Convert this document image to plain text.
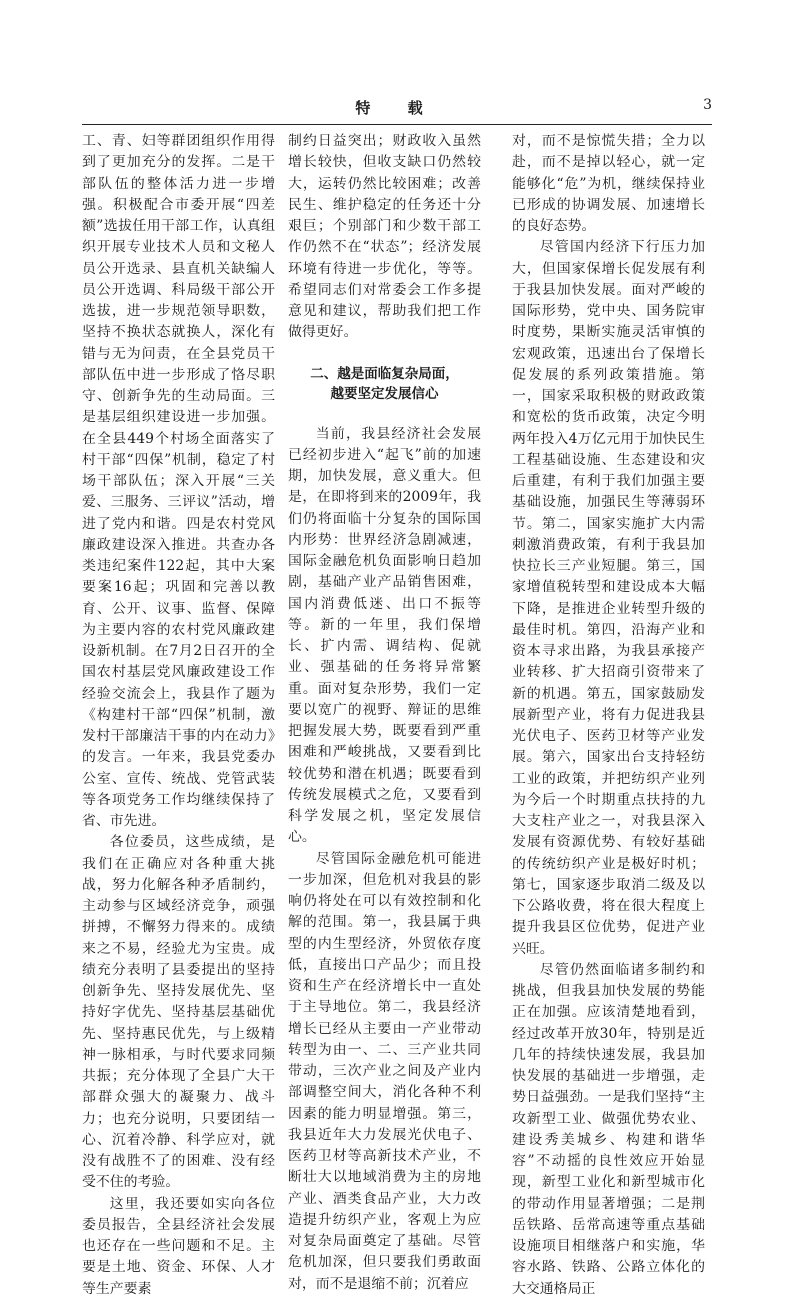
特 载	3

工、青、妇等群团组织作用得到了更加充分的发挥。二是干部队伍的整体活力进一步增强。积极配合市委开展“四差额”选拔任用干部工作，认真组织开展专业技术人员和文秘人员公开选录、县直机关缺编人员公开选调、科局级干部公开选拔，进一步规范领导职数，坚持不换状态就换人，深化有错与无为问责，在全县党员干部队伍中进一步形成了恪尽职守、创新争先的生动局面。三是基层组织建设进一步加强。在全县449个村场全面落实了村干部“四保”机制，稳定了村场干部队伍；深入开展“三关爱、三服务、三评议”活动，增进了党内和谐。四是农村党风廉政建设深入推进。共查办各类违纪案件122起，其中大案要案16起；巩固和完善以教育、公开、议事、监督、保障为主要内容的农村党风廉政建设新机制。在7月2日召开的全国农村基层党风廉政建设工作经验交流会上，我县作了题为《构建村干部“四保”机制，激发村干部廉洁干事的内在动力》的发言。一年来，我县党委办公室、宣传、统战、党管武装等各项党务工作均继续保持了省、市先进。

各位委员，这些成绩，是我们在正确应对各种重大挑战，努力化解各种矛盾制约，主动参与区域经济竞争，顽强拼搏，不懈努力得来的。成绩来之不易，经验尤为宝贵。成绩充分表明了县委提出的坚持创新争先、坚持发展优先、坚持好字优先、坚持基层基础优先、坚持惠民优先，与上级精神一脉相承，与时代要求同频共振；充分体现了全县广大干部群众强大的凝聚力、战斗力；也充分说明，只要团结一心、沉着冷静、科学应对，就没有战胜不了的困难、没有经受不住的考验。

这里，我还要如实向各位委员报告，全县经济社会发展也还存在一些问题和不足。主要是土地、资金、环保、人才等生产要素

制约日益突出；财政收入虽然增长较快，但收支缺口仍然较大，运转仍然比较困难；改善民生、维护稳定的任务还十分艰巨；个别部门和少数干部工作仍然不在“状态”；经济发展环境有待进一步优化，等等。希望同志们对常委会工作多提意见和建议，帮助我们把工作做得更好。

二、越是面临复杂局面，
越要坚定发展信心

当前，我县经济社会发展已经初步进入“起飞”前的加速期，加快发展，意义重大。但是，在即将到来的2009年，我们仍将面临十分复杂的国际国内形势：世界经济急剧减速，国际金融危机负面影响日趋加剧，基础产业产品销售困难，国内消费低迷、出口不振等等。新的一年里，我们保增长、扩内需、调结构、促就业、强基础的任务将异常繁重。面对复杂形势，我们一定要以宽广的视野、辩证的思维把握发展大势，既要看到严重困难和严峻挑战，又要看到比较优势和潜在机遇；既要看到传统发展模式之危，又要看到科学发展之机，坚定发展信心。

尽管国际金融危机可能进一步加深，但危机对我县的影响仍将处在可以有效控制和化解的范围。第一，我县属于典型的内生型经济，外贸依存度低，直接出口产品少；而且投资和生产在经济增长中一直处于主导地位。第二，我县经济增长已经从主要由一产业带动转型为由一、二、三产业共同带动，三次产业之间及产业内部调整空间大，消化各种不利因素的能力明显增强。第三，我县近年大力发展光伏电子、医药卫材等高新技术产业，不断壮大以地域消费为主的房地产业、酒类食品产业，大力改造提升纺织产业，客观上为应对复杂局面奠定了基础。尽管危机加深，但只要我们勇敢面对，而不是退缩不前；沉着应

对，而不是惊慌失措；全力以赴，而不是掉以轻心，就一定能够化“危”为机，继续保持业已形成的协调发展、加速增长的良好态势。

尽管国内经济下行压力加大，但国家保增长促发展有利于我县加快发展。面对严峻的国际形势，党中央、国务院审时度势，果断实施灵活审慎的宏观政策，迅速出台了保增长促发展的系列政策措施。第一，国家采取积极的财政政策和宽松的货币政策，决定今明两年投入4万亿元用于加快民生工程基础设施、生态建设和灾后重建，有利于我们加强主要基础设施，加强民生等薄弱环节。第二，国家实施扩大内需刺激消费政策，有利于我县加快拉长三产业短腿。第三，国家增值税转型和建设成本大幅下降，是推进企业转型升级的最佳时机。第四，沿海产业和资本寻求出路，为我县承接产业转移、扩大招商引资带来了新的机遇。第五，国家鼓励发展新型产业，将有力促进我县光伏电子、医药卫材等产业发展。第六，国家出台支持轻纺工业的政策，并把纺织产业列为今后一个时期重点扶持的九大支柱产业之一，对我县深入发展有资源优势、有较好基础的传统纺织产业是极好时机；第七，国家逐步取消二级及以下公路收费，将在很大程度上提升我县区位优势，促进产业兴旺。

尽管仍然面临诸多制约和挑战，但我县加快发展的势能正在加强。应该清楚地看到，经过改革开放30年，特别是近几年的持续快速发展，我县加快发展的基础进一步增强，走势日益强劲。一是我们坚持“主攻新型工业、做强优势农业、建设秀美城乡、构建和谐华容”不动摇的良性效应开始显现，新型工业化和新型城市化的带动作用显著增强；二是荆岳铁路、岳常高速等重点基础设施项目相继落户和实施，华容水路、铁路、公路立体化的大交通格局正
